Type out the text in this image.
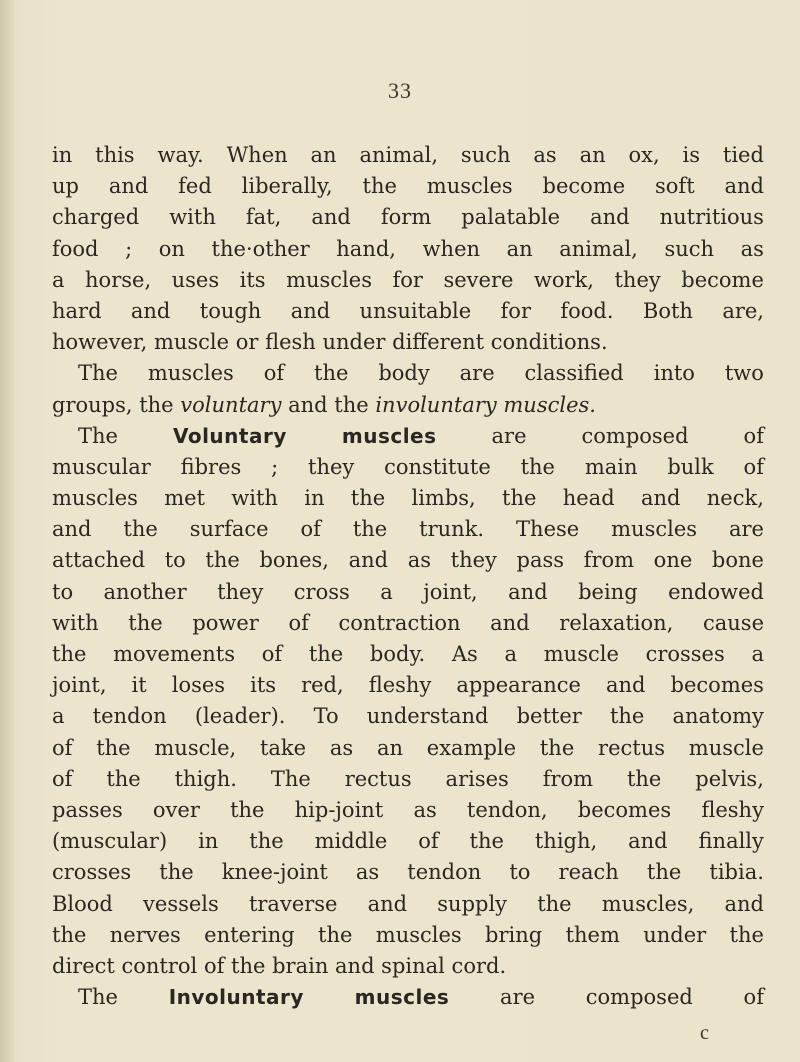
33
in this way. When an animal, such as an ox, is tied
up and fed liberally, the muscles become soft and
charged with fat, and form palatable and nutritious
food ; on the·other hand, when an animal, such as
a horse, uses its muscles for severe work, they become
hard and tough and unsuitable for food. Both are,
however, muscle or flesh under different conditions.
The muscles of the body are classified into two
groups, the voluntary and the involuntary muscles.
The	Voluntary	muscles	are	composed	of
muscular fibres ; they constitute the main bulk of
muscles met with in the limbs, the head and neck,
and the surface of the trunk. These muscles are
attached to the bones, and as they pass from one bone
to another they cross a joint, and being endowed
with the power of contraction and relaxation, cause
the movements of the body. As a muscle crosses a
joint, it loses its red, fleshy appearance and becomes
a tendon (leader). To understand better the anatomy
of the muscle, take as an example the rectus muscle
of the thigh. The rectus arises from the pelvis,
passes over the hip-joint as tendon, becomes fleshy
(muscular) in the middle of the thigh, and finally
crosses the knee-joint as tendon to reach the tibia.
Blood vessels traverse and supply the muscles, and
the nerves entering the muscles bring them under the
direct control of the brain and spinal cord.
The	Involuntary	muscles are composed of
c
